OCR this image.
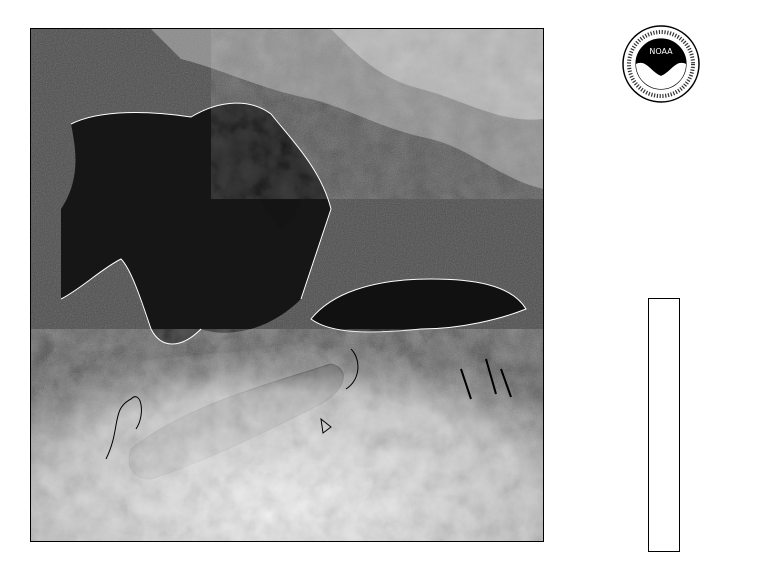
NOAA
